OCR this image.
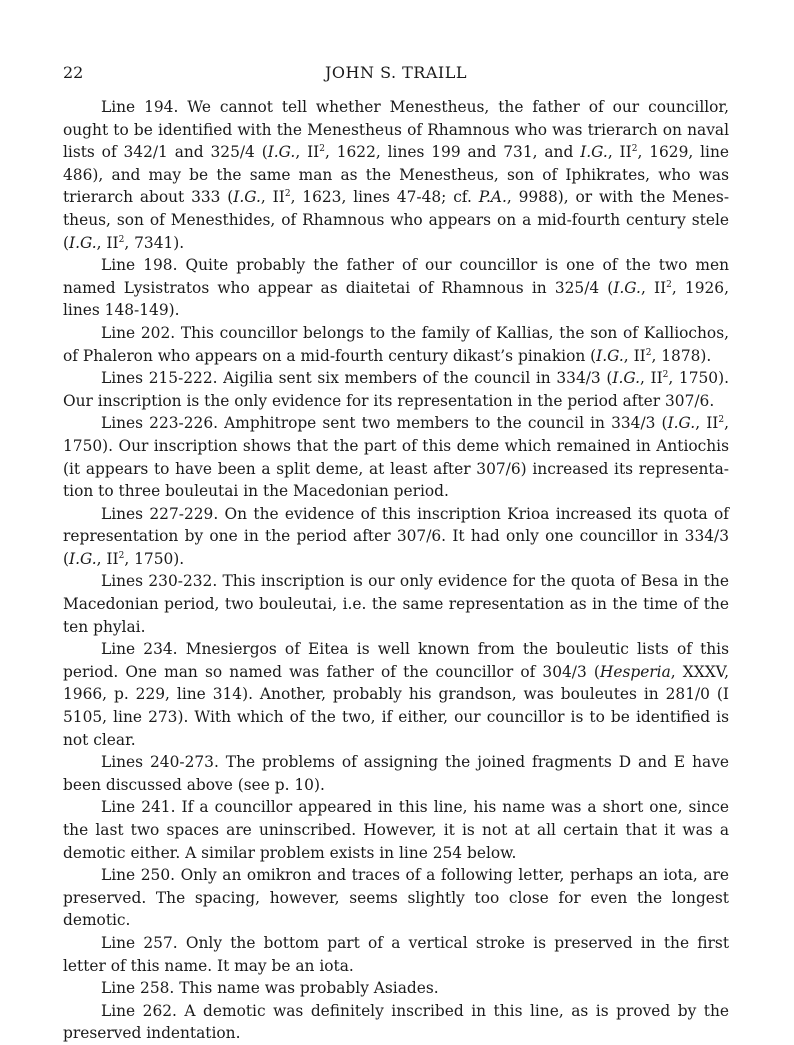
22	JOHN S. TRAILL

Line 194. We cannot tell whether Menestheus, the father of our councillor, ought to be identified with the Menestheus of Rhamnous who was trierarch on naval lists of 342/1 and 325/4 (I.G., $II^2$, 1622, lines 199 and 731, and I.G., $II^2$, 1629, line 486), and may be the same man as the Menestheus, son of Iphikrates, who was trierarch about 333 (I.G., $II^2$, 1623, lines 47-48; cf. P.A., 9988), or with the Menestheus, son of Menesthides, of Rhamnous who appears on a mid-fourth century stele (I.G., $II^2$, 7341).

Line 198. Quite probably the father of our councillor is one of the two men named Lysistratos who appear as diaitetai of Rhamnous in 325/4 (I.G., $II^2$, 1926, lines 148-149).

Line 202. This councillor belongs to the family of Kallias, the son of Kalliochos, of Phaleron who appears on a mid-fourth century dikast’s pinakion (I.G., $II^2$, 1878).

Lines 215-222. Aigilia sent six members of the council in 334/3 (I.G., $II^2$, 1750). Our inscription is the only evidence for its representation in the period after 307/6.

Lines 223-226. Amphitrope sent two members to the council in 334/3 (I.G., $II^2$, 1750). Our inscription shows that the part of this deme which remained in Antiochis (it appears to have been a split deme, at least after 307/6) increased its representation to three bouleutai in the Macedonian period.

Lines 227-229. On the evidence of this inscription Krioa increased its quota of representation by one in the period after 307/6. It had only one councillor in 334/3 (I.G., $II^2$, 1750).

Lines 230-232. This inscription is our only evidence for the quota of Besa in the Macedonian period, two bouleutai, i.e. the same representation as in the time of the ten phylai.

Line 234. Mnesiergos of Eitea is well known from the bouleutic lists of this period. One man so named was father of the councillor of 304/3 (Hesperia, XXXV, 1966, p. 229, line 314). Another, probably his grandson, was bouleutes in 281/0 (I 5105, line 273). With which of the two, if either, our councillor is to be identified is not clear.

Lines 240-273. The problems of assigning the joined fragments D and E have been discussed above (see p. 10).

Line 241. If a councillor appeared in this line, his name was a short one, since the last two spaces are uninscribed. However, it is not at all certain that it was a demotic either. A similar problem exists in line 254 below.

Line 250. Only an omikron and traces of a following letter, perhaps an iota, are preserved. The spacing, however, seems slightly too close for even the longest demotic.

Line 257. Only the bottom part of a vertical stroke is preserved in the first letter of this name. It may be an iota.

Line 258. This name was probably Asiades.

Line 262. A demotic was definitely inscribed in this line, as is proved by the preserved indentation.
